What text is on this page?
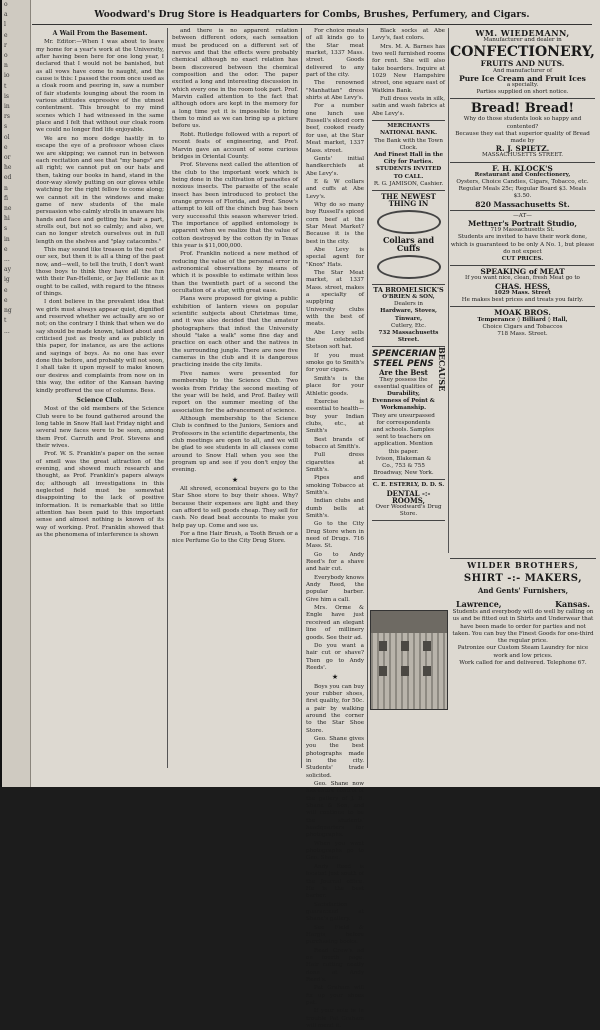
o
a
l
e
r
o
n
io
t
is
in
rs
s
ol
e
or
he
ed
n
fi
ne
hi
s
in
e
...
ay
ig
e
e
ng
t
...
Woodward's Drug Store is Headquarters for Combs, Brushes, Perfumery, and Cigars.
A Wail From the Basement.

Mr. Editor:—When I was about to leave my home for a year's work at the University, after having been here for one long year, I declared that I would not be banished, but as all vows have come to naught, and the cause is this: I passed the room once used as a cloak room and peering in, saw a number of fair students lounging about the room in various attitudes expressive of the utmost contentment. This brought to my mind scenes which I had witnessed in the same place and I felt that without our cloak room we could no longer find life enjoyable.

We are no more dodge hastily in to escape the eye of a professor whose class we are skipping; we cannot run in between each recitation and see that "my bangs" are all right; we cannot put on our hats and then, taking our books in hand, stand in the door-way slowly putting on our gloves while watching for the right fellow to come along; we cannot sit in the windows and make game of new students of the male persuasion who calmly strolls in unaware his hands and face and getting his hair a part, strolls out, but not so calmly; and also, we can no longer stretch ourselves out in full length on the shelves and "play catacombs."

This may sound like treason to the rest of our sex, but then it is all a thing of the past now, and—well, to tell the truth, I don't want those boys to think they have all the fun with their Pan-Hellenic, or Jay Hellenic as it ought to be called, with regard to the fitness of things.

I dont believe in the prevalent idea that we girls must always appear quiet, dignified and reserved whether we actually are so or not; on the contrary I think that when we do say should be made known, talked about and criticised just as freely and as publicly in this paper, for instance, as are the actions and sayings of boys. As no one has ever done this before, and probably will not soon, I shall take it upon myself to make known our desires and complaints from now on in this way, the editor of the Kansan having kindly proffered the use of columns. Bess.

Science Club.

Most of the old members of the Science Club were to be found gathered around the long table in Snow Hall last Friday night and several new faces were to be seen, among them Prof. Carruth and Prof. Stevens and their wives.

Prof. W. S. Franklin's paper on the sense of smell was the great attraction of the evening, and showed much research and thought, as Prof. Franklin's papers always do; although all investigations in this neglected field must be somewhat disappointing to the lack of positive information. It is remarkable that so little attention has been paid to this important sense and almost nothing is known of its way of working. Prof. Franklin showed that as the phenomena of interference is shown

and there is no apparent relation between different odors, each sensation must be produced on a different set of nerves and that the effects were probably chemical although no exact relation has been discovered between the chemical composition and the odor. The paper excited a long and interesting discussion in which every one in the room took part. Prof. Marvin called attention to the fact that although odors are kept in the memory for a long time yet it is impossible to bring them to mind as we can bring up a picture before us.

Robt. Rutledge followed with a report of recent feats of engineering, and Prof. Marvin gave an account of some curious bridges in Oriental County.

Prof. Stevens next called the attention of the club to the important work which is being done in the cultivation of parasites of noxious insects. The parasite of the scale insect has been introduced to protect the orange groves of Florida, and Prof. Snow's attempt to kill off the chinch bug has been very successful this season wherever tried. The importance of applied entomology is apparent when we realize that the value of cotton destroyed by the cotton fly in Texas this year is $11,000,000.

Prof. Franklin noticed a new method of reducing the value of the personal error in astronomical observations by means of which it is possible to estimate within less than the twentieth part of a second the occultation of a star, with great ease.

Plans were proposed for giving a public exhibition of lantern views on popular scientific subjects about Christmas time, and it was also decided that the amateur photographers that infest the University should "take a walk" some fine day and practice on each other and the natives in the surrounding jungle. There are now five cameras in the club and it is dangerous practicing inside the city limits.

Five names were presented for membership to the Science Club. Two weeks from Friday the second meeting of the year will be held, and Prof. Bailey will report on the summer meeting of the association for the advancement of science.

Although membership to the Science Club is confined to the Juniors, Seniors and Professors in the scientific departments, the club meetings are open to all, and we will be glad to see students in all classes come around to Snow Hall when you see the program up and see if you don't enjoy the evening.

★

All shrewd, economical buyers go to the Star Shoe store to buy their shoes. Why? because their expenses are light and they can afford to sell goods cheap. They sell for cash. No dead beat accounts to make you help pay up. Come and see us.

For a fine Hair Brush, a Tooth Brush or a nice Perfume Go to the City Drug Store.

For choice meats of all kinds go to the Star meat market, 1337 Mass. street. Goods delivered to any part of the city.

The renowned "Manhattan" dress shirts at Abe Levy's.

For a number one lunch use Russell's sliced corn beef, cooked ready for use, at the Star Meat market, 1337 Mass. street.

Gents' initial handkerchiefs at Abe Levy's.

E & W collars and cuffs at Abe Levy's.

Why do so many buy Russell's spiced corn beef at the Star Meat Market? Because it is the best in the city.

Abe Levy is special agent for "Knox" Hats.

The Star Meat market, at 1337 Mass. street, makes a specialty of supplying University clubs with the best of meats.

Abe Levy sells the celebrated Stetson soft hat.

If you must smoke go to Smith's for your cigars.

Smith's is the place for your Athletic goods.

Exercise is essential to health—buy your Indian clubs, etc., at Smith's

Best brands of tobacco at Smith's.

Full dress cigarettes at Smith's.

Pipes and smoking Tobacco at Smith's.

Indian clubs and dumb bells at Smith's.

Go to the City Drug Store when in need of Drugs. 716 Mass. St.

Go to Andy Reed's for a shave and hair cut.

Everybody knows Andy Reed, the popular barber. Give him a call.

Mrs. Orme & Engle have just received an elegant line of millinery goods. See their ad.

Do you want a hair cut or shave? Then go to Andy Reeds'.

★

Boys you can buy your rubber shoes, first quality, for 50c. a pair by walking around the corner to the Star Shoe Store.

Geo. Shane gives you the best photographs made in the city. Students' trade solicited.

Geo. Shane now has entire control of the gallery of J. B. Shane & Son, and will continue to be the students' headquarters for photographs.

When you want photographs go to Geo. Shane.

Andy Reed is located just south of the Journal office. He is the best barber.

Satisfaction guaranteed at Shane's gallery.

See Field & Hargis, before purchasing books.

Read Crew's ad on fourth page. Hair cutting neatly done at Andy Reed's.

Pat Graham will fix up your shoes pat.

If your sole is in trouble Pat Graham will mend it.

Black socks at Abe Levy's, fast colors.

Mrs. M. A. Barnes has two well furnished rooms for rent. She will also take boarders. Inquire at 1029 New Hampshire street, one square east of Watkins Bank.

Full dress vests in silk, satin and wash fabrics at Abe Levy's.

MERCHANTS NATIONAL BANK.
The Bank with the Town Clock.
And Finest Hall in the City for Parties.
STUDENTS INVITED TO CALL.
R. G. JAMISON, Cashier.
THE NEWEST THING IN
Collars and Cuffs
TA BROMELSICK'S
O'BRIEN & SON,
Dealers in
Hardware, Stoves, Tinware,
Cutlery, Etc.
732 Massachusetts Street.
SPENCERIAN STEEL PENS BECAUSE
Are the Best
They possess the essential qualities of
Durability, Evenness of Point & Workmanship.
They are unsurpassed for correspondents and schools. Samples sent to teachers on application. Mention this paper.
Ivison, Blakeman & Co., 753 & 755 Broadway, New York.
C. E. ESTERLY, D. D. S.
DENTAL -:- ROOMS,
Over Woodward's Drug Store.
WM. WIEDEMANN,
Manufacturer and dealer in
CONFECTIONERY,
FRUITS AND NUTS.
And manufacturer of
Pure Ice Cream and Fruit Ices
a specialty.
Parties supplied on short notice.
Bread! Bread!
Why do those students look so happy and contented?
Because they eat that superior quality of Bread made by
R. J. SPIETZ.
MASSACHUSETTS STREET.
F. H. KLOCK'S
Restaurant and Confectionery,
Oysters, Choice Candies, Cigars, Tobacco, etc.
Regular Meals 25c; Regular Board $3. Meals $3.50.
820 Massachusetts St.
—AT—
Mettner's Portrait Studio,
719 Massachusetts St.
Students are invited to have their work done, which is guaranteed to be only A No. 1, but please do not expect
CUT PRICES.
SPEAKING of MEAT
If you want nice, clean, fresh Meat go to
CHAS. HESS,
1029 Mass. Street
He makes best prices and treats you fairly.
MOAK BROS.
Temperance ◊ Billiard ◊ Hall,
Choice Cigars and Tobaccos
718 Mass. Street.
WILDER BROTHERS,
SHIRT -:- MAKERS,
And Gents' Furnishers,
Lawrence,	Kansas.
Students and everybody will do well by calling on us and be fitted out in Shirts and Underwear that have been made to order for parties and not taken. You can buy the Finest Goods for one-third the regular price.
Patronize our Custom Steam Laundry for nice work and low prices.
Work called for and delivered. Telephone 67.
